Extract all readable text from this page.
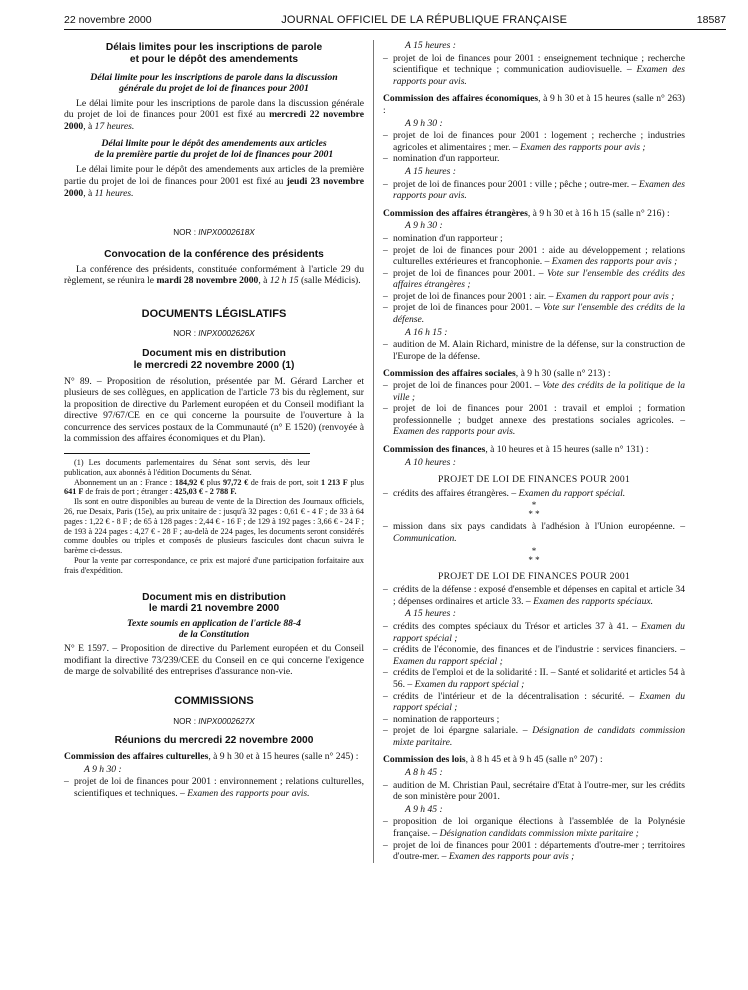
22 novembre 2000	JOURNAL OFFICIEL DE LA RÉPUBLIQUE FRANÇAISE	18587
Délais limites pour les inscriptions de parole
et pour le dépôt des amendements
Délai limite pour les inscriptions de parole dans la discussion
générale du projet de loi de finances pour 2001

Le délai limite pour les inscriptions de parole dans la discussion générale du projet de loi de finances pour 2001 est fixé au mercredi 22 novembre 2000, à 17 heures.

Délai limite pour le dépôt des amendements aux articles
de la première partie du projet de loi de finances pour 2001

Le délai limite pour le dépôt des amendements aux articles de la première partie du projet de loi de finances pour 2001 est fixé au jeudi 23 novembre 2000, à 11 heures.

NOR : INPX0002618X
Convocation de la conférence des présidents

La conférence des présidents, constituée conformément à l'article 29 du règlement, se réunira le mardi 28 novembre 2000, à 12 h 15 (salle Médicis).

DOCUMENTS LÉGISLATIFS
NOR : INPX0002626X
Document mis en distribution
le mercredi 22 novembre 2000 (1)

N° 89. – Proposition de résolution, présentée par M. Gérard Larcher et plusieurs de ses collègues, en application de l'article 73 bis du règlement, sur la proposition de directive du Parlement européen et du Conseil modifiant la directive 97/67/CE en ce qui concerne la poursuite de l'ouverture à la concurrence des services postaux de la Communauté (n° E 1520) (renvoyée à la commission des affaires économiques et du Plan).

(1) Les documents parlementaires du Sénat sont servis, dès leur publication, aux abonnés à l'édition Documents du Sénat.

Abonnement un an : France : 184,92 € plus 97,72 € de frais de port, soit 1 213 F plus 641 F de frais de port ; étranger : 425,03 € - 2 788 F.

Ils sont en outre disponibles au bureau de vente de la Direction des Journaux officiels, 26, rue Desaix, Paris (15e), au prix unitaire de : jusqu'à 32 pages : 0,61 € - 4 F ; de 33 à 64 pages : 1,22 € - 8 F ; de 65 à 128 pages : 2,44 € - 16 F ; de 129 à 192 pages : 3,66 € - 24 F ; de 193 à 224 pages : 4,27 € - 28 F ; au-delà de 224 pages, les documents seront considérés comme doubles ou triples et composés de plusieurs fascicules dont chacun suivra le barème ci-dessus.

Pour la vente par correspondance, ce prix est majoré d'une participation forfaitaire aux frais d'expédition.

Document mis en distribution
le mardi 21 novembre 2000
Texte soumis en application de l'article 88-4
de la Constitution

N° E 1597. – Proposition de directive du Parlement européen et du Conseil modifiant la directive 73/239/CEE du Conseil en ce qui concerne l'exigence de marge de solvabilité des entreprises d'assurance non-vie.

COMMISSIONS
NOR : INPX0002627X
Réunions du mercredi 22 novembre 2000
Commission des affaires culturelles, à 9 h 30 et à 15 heures (salle n° 245) :
A 9 h 30 :

– projet de loi de finances pour 2001 : environnement ; relations culturelles, scientifiques et techniques. – Examen des rapports pour avis.

A 15 heures :

– projet de loi de finances pour 2001 : enseignement technique ; recherche scientifique et technique ; communication audiovisuelle. – Examen des rapports pour avis.

Commission des affaires économiques, à 9 h 30 et à 15 heures (salle n° 263) :
A 9 h 30 :

– projet de loi de finances pour 2001 : logement ; recherche ; industries agricoles et alimentaires ; mer. – Examen des rapports pour avis ;

– nomination d'un rapporteur.

A 15 heures :

– projet de loi de finances pour 2001 : ville ; pêche ; outre-mer. – Examen des rapports pour avis.

Commission des affaires étrangères, à 9 h 30 et à 16 h 15 (salle n° 216) :
A 9 h 30 :

– nomination d'un rapporteur ;

– projet de loi de finances pour 2001 : aide au développement ; relations culturelles extérieures et francophonie. – Examen des rapports pour avis ;

– projet de loi de finances pour 2001. – Vote sur l'ensemble des crédits des affaires étrangères ;

– projet de loi de finances pour 2001 : air. – Examen du rapport pour avis ;

– projet de loi de finances pour 2001. – Vote sur l'ensemble des crédits de la défense.

A 16 h 15 :

– audition de M. Alain Richard, ministre de la défense, sur la construction de l'Europe de la défense.

Commission des affaires sociales, à 9 h 30 (salle n° 213) :

– projet de loi de finances pour 2001. – Vote des crédits de la politique de la ville ;

– projet de loi de finances pour 2001 : travail et emploi ; formation professionnelle ; budget annexe des prestations sociales agricoles. – Examen des rapports pour avis.

Commission des finances, à 10 heures et à 15 heures (salle n° 131) :
A 10 heures :
PROJET DE LOI DE FINANCES POUR 2001

– crédits des affaires étrangères. – Examen du rapport spécial.

*
* *

– mission dans six pays candidats à l'adhésion à l'Union européenne. – Communication.

*
* *
PROJET DE LOI DE FINANCES POUR 2001

– crédits de la défense : exposé d'ensemble et dépenses en capital et article 34 ; dépenses ordinaires et article 33. – Examen des rapports spéciaux.

A 15 heures :

– crédits des comptes spéciaux du Trésor et articles 37 à 41. – Examen du rapport spécial ;

– crédits de l'économie, des finances et de l'industrie : services financiers. – Examen du rapport spécial ;

– crédits de l'emploi et de la solidarité : II. – Santé et solidarité et articles 54 à 56. – Examen du rapport spécial ;

– crédits de l'intérieur et de la décentralisation : sécurité. – Examen du rapport spécial ;

– nomination de rapporteurs ;

– projet de loi épargne salariale. – Désignation de candidats commission mixte paritaire.

Commission des lois, à 8 h 45 et à 9 h 45 (salle n° 207) :
A 8 h 45 :

– audition de M. Christian Paul, secrétaire d'Etat à l'outre-mer, sur les crédits de son ministère pour 2001.

A 9 h 45 :

– proposition de loi organique élections à l'assemblée de la Polynésie française. – Désignation candidats commission mixte paritaire ;

– projet de loi de finances pour 2001 : départements d'outre-mer ; territoires d'outre-mer. – Examen des rapports pour avis ;
